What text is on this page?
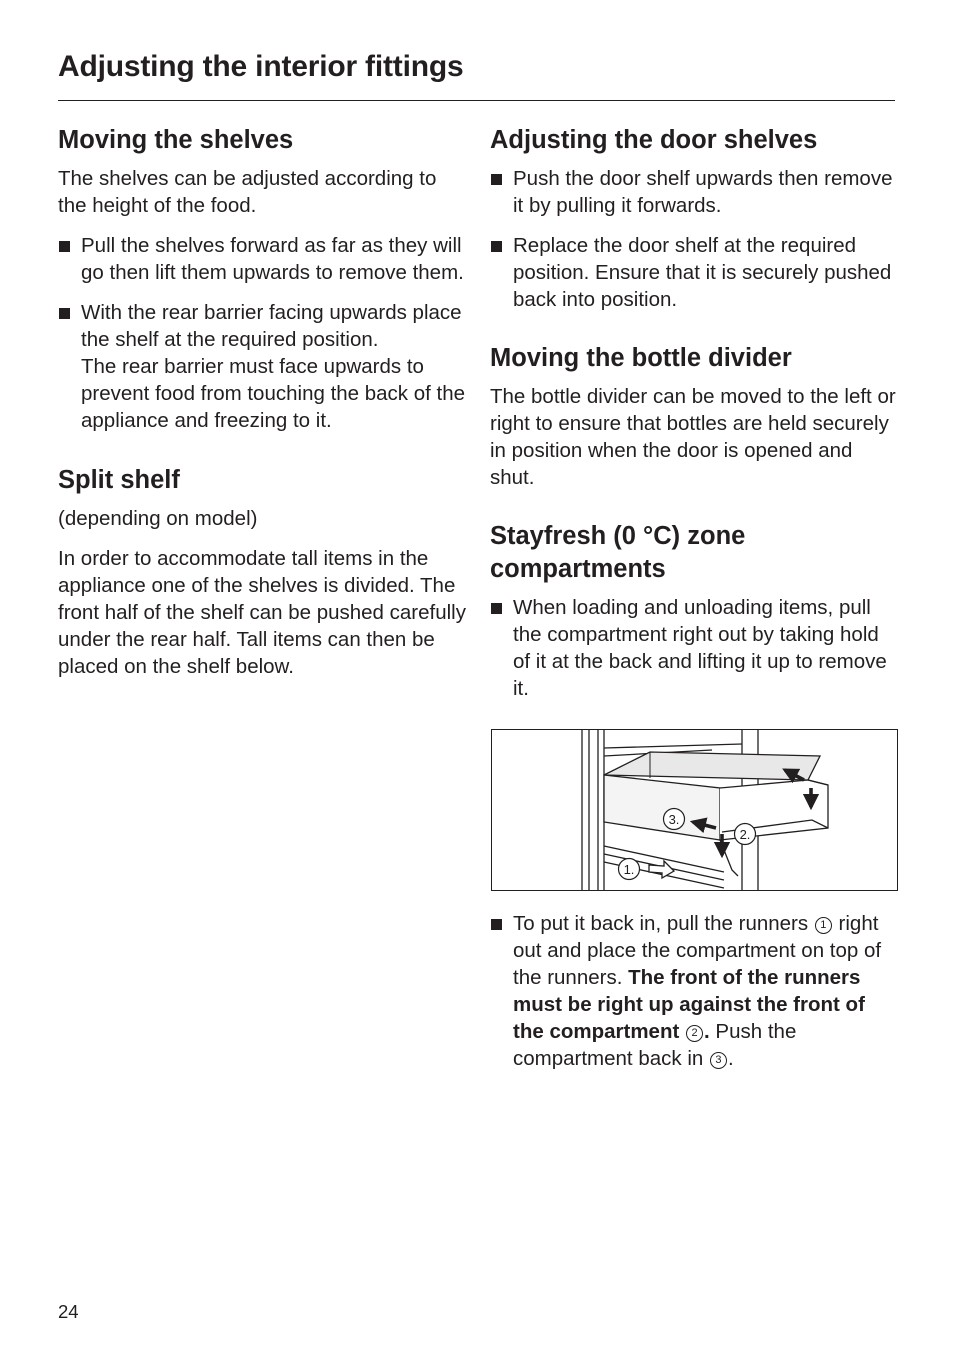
Adjusting the interior fittings
Moving the shelves

The shelves can be adjusted according to the height of the food.

Pull the shelves forward as far as they will go then lift them upwards to remove them.
With the rear barrier facing upwards place the shelf at the required position.
The rear barrier must face upwards to prevent food from touching the back of the appliance and freezing to it.
Split shelf

(depending on model)

In order to accommodate tall items in the appliance one of the shelves is divided. The front half of the shelf can be pushed carefully under the rear half. Tall items can then be placed on the shelf below.

Adjusting the door shelves
Push the door shelf upwards then remove it by pulling it forwards.
Replace the door shelf at the required position. Ensure that it is securely pushed back into position.
Moving the bottle divider

The bottle divider can be moved to the left or right to ensure that bottles are held securely in position when the door is opened and shut.

Stayfresh (0 °C) zone compartments
When loading and unloading items, pull the compartment right out by taking hold of it at the back and lifting it up to remove it.
3.
2.
1.
To put it back in, pull the runners 1 right out and place the compartment on top of the runners. The front of the runners must be right up against the front of the compartment 2 . Push the compartment back in 3 .
24
